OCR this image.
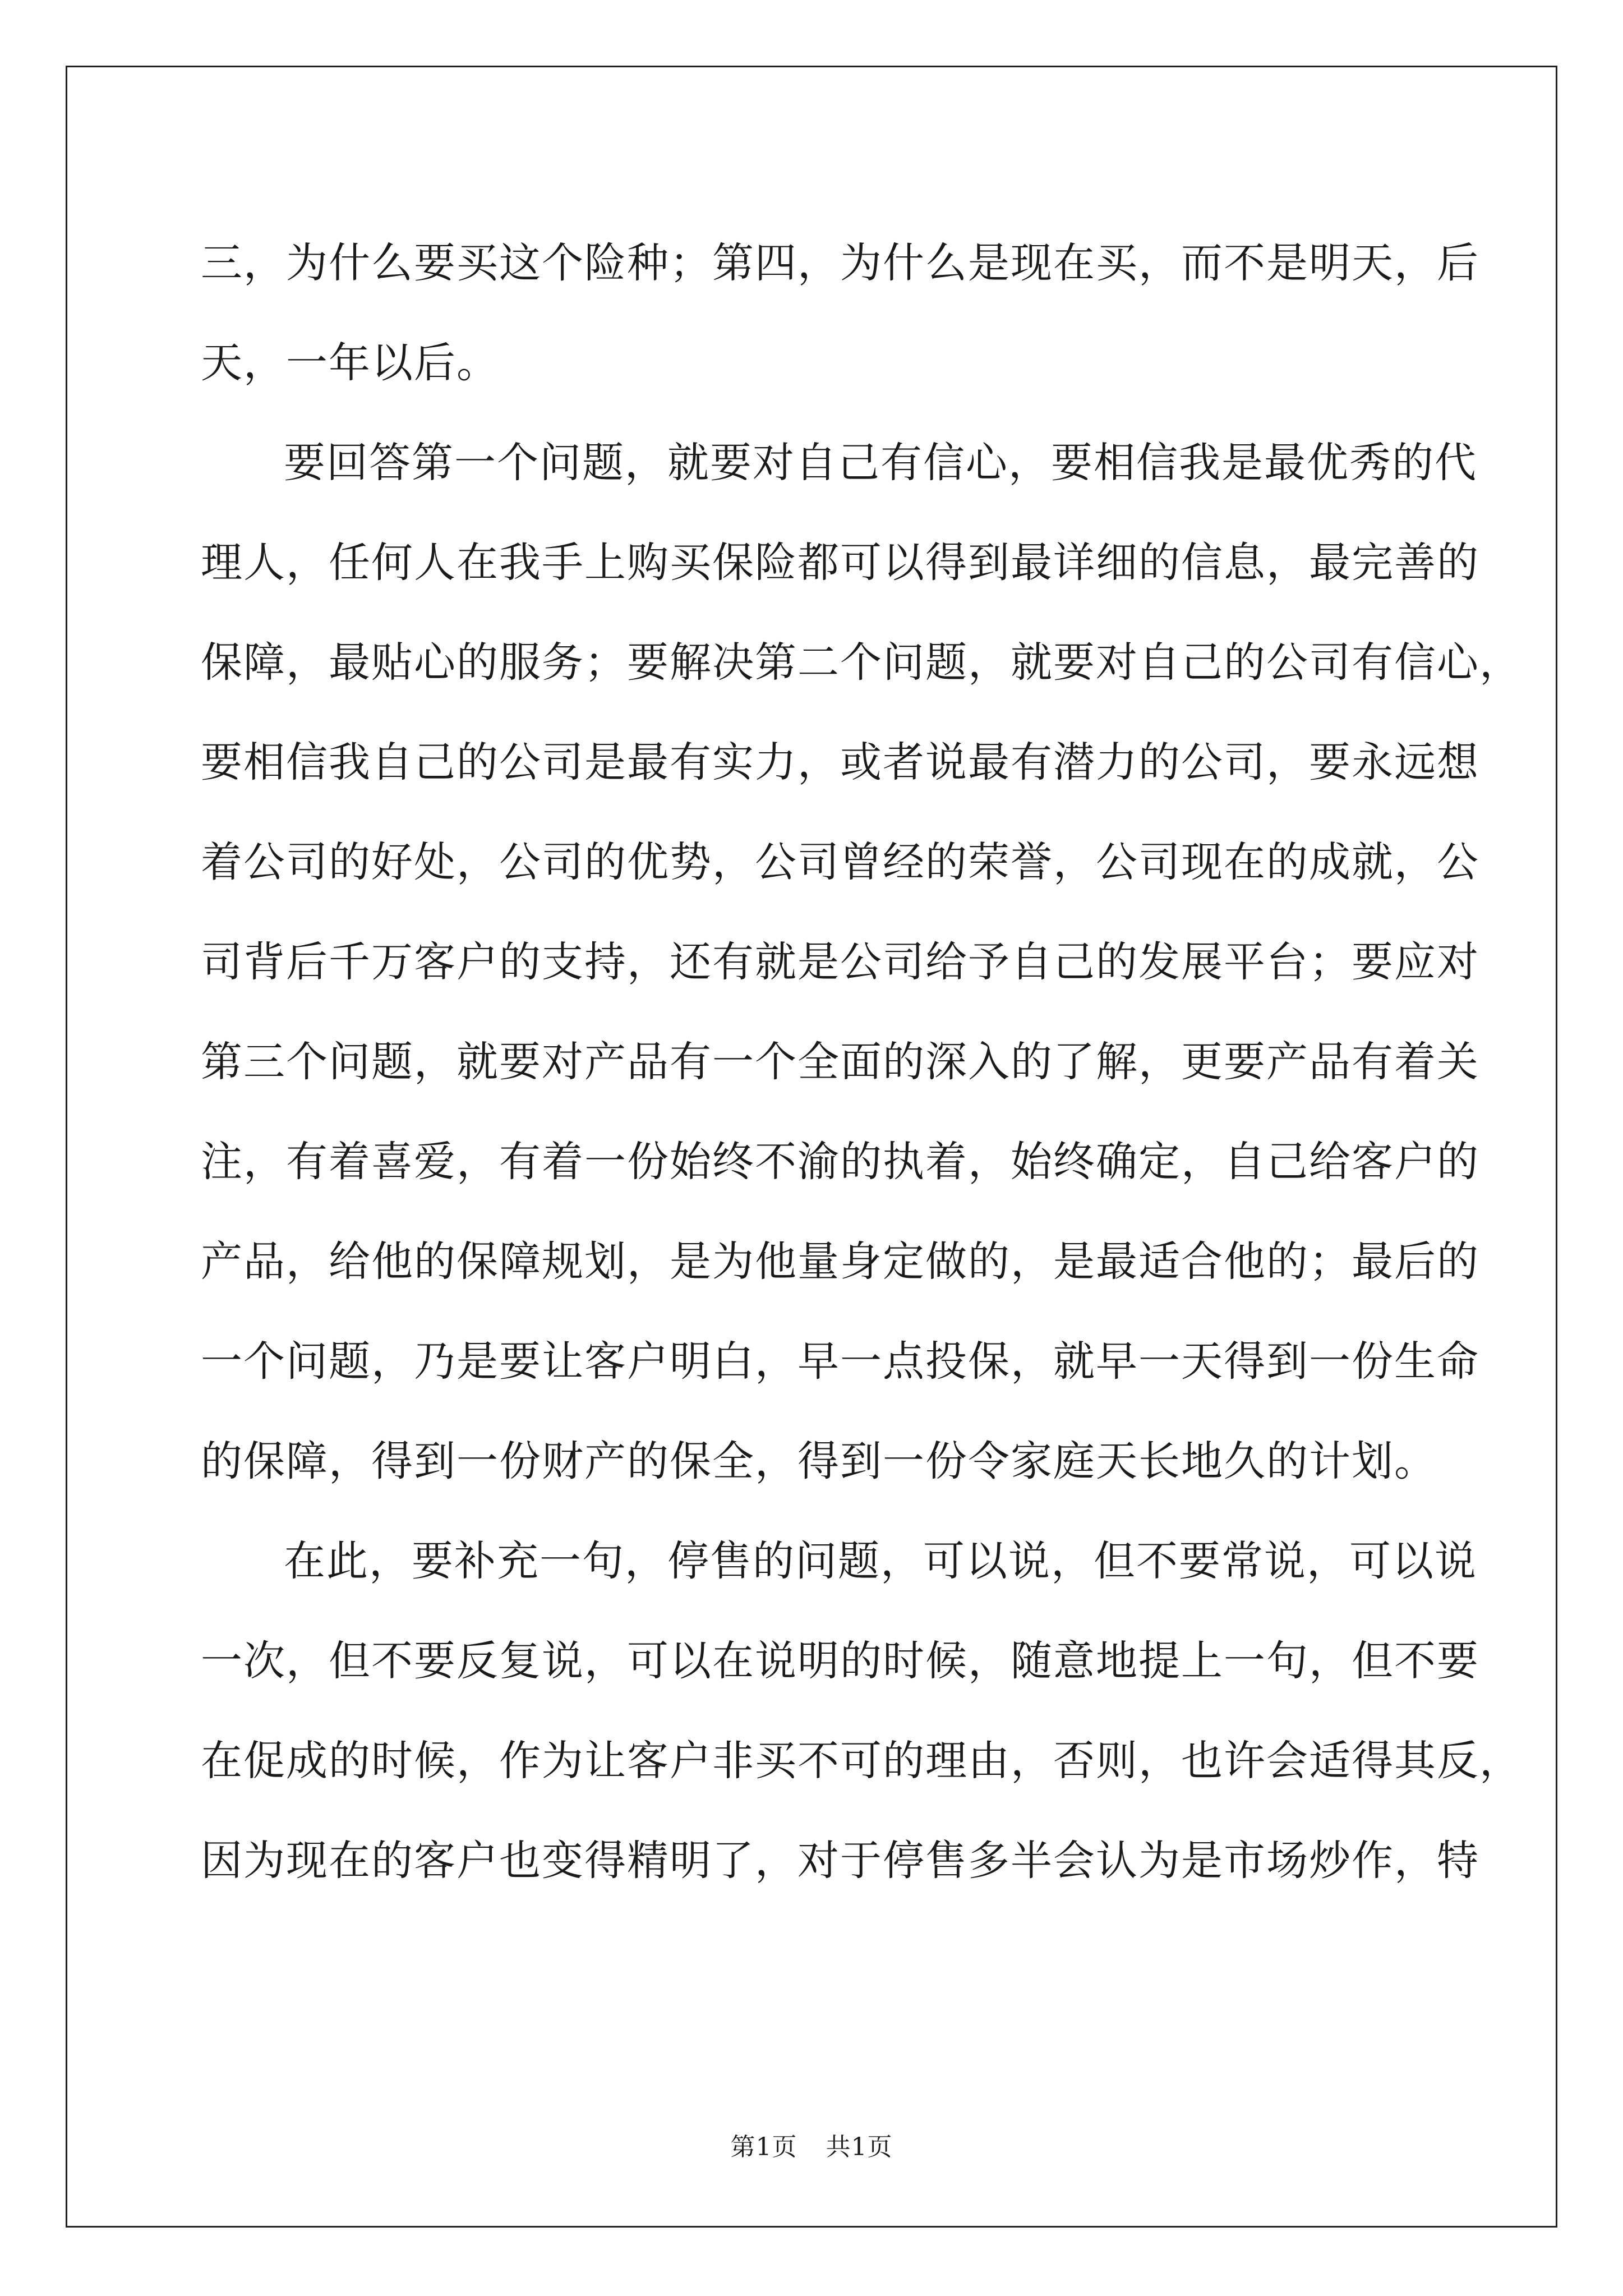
三，为什么要买这个险种；第四，为什么是现在买，而不是明天，后
天，一年以后。
要回答第一个问题，就要对自己有信心，要相信我是最优秀的代
理人，任何人在我手上购买保险都可以得到最详细的信息，最完善的
保障，最贴心的服务；要解决第二个问题，就要对自己的公司有信心，
要相信我自己的公司是最有实力，或者说最有潜力的公司，要永远想
着公司的好处，公司的优势，公司曾经的荣誉，公司现在的成就，公
司背后千万客户的支持，还有就是公司给予自己的发展平台；要应对
第三个问题，就要对产品有一个全面的深入的了解，更要产品有着关
注，有着喜爱，有着一份始终不渝的执着，始终确定，自己给客户的
产品，给他的保障规划，是为他量身定做的，是最适合他的；最后的
一个问题，乃是要让客户明白，早一点投保，就早一天得到一份生命
的保障，得到一份财产的保全，得到一份令家庭天长地久的计划。
在此，要补充一句，停售的问题，可以说，但不要常说，可以说
一次，但不要反复说，可以在说明的时候，随意地提上一句，但不要
在促成的时候，作为让客户非买不可的理由，否则，也许会适得其反，
因为现在的客户也变得精明了，对于停售多半会认为是市场炒作，特
第1页 共1页
